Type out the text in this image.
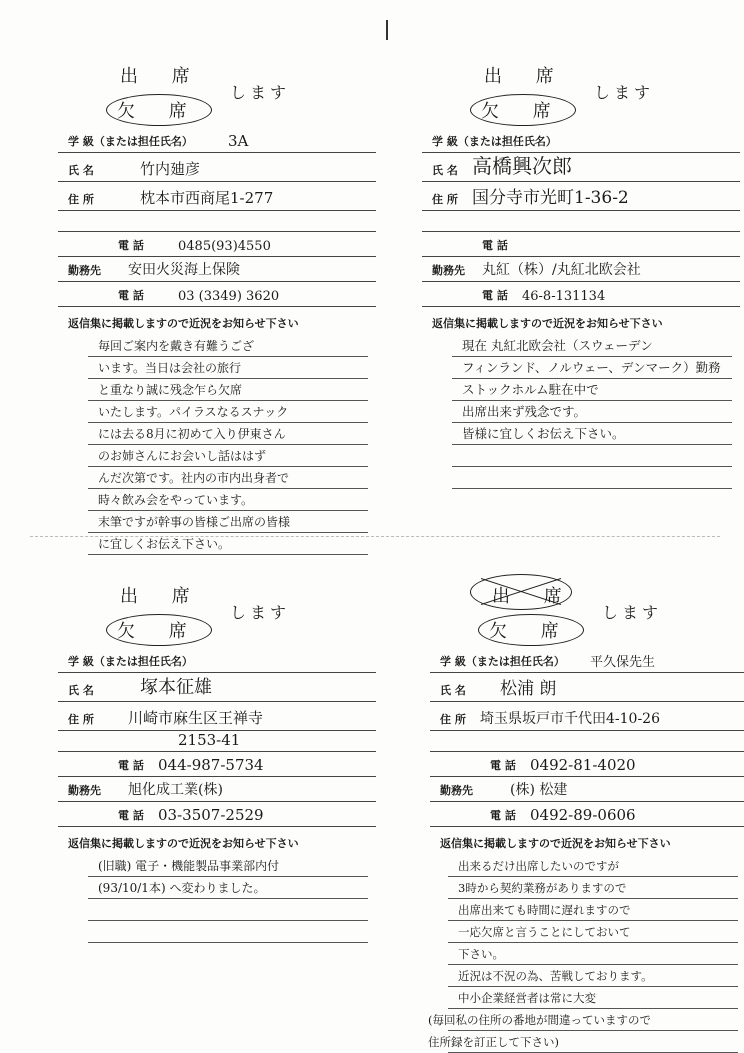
出 席
欠 席
します
学 級（または担任氏名） 3A
氏 名	竹内廸彦
住 所	枕本市西商尾1-277
電 話	0485(93)4550
勤務先 安田火災海上保険
電 話	03 (3349) 3620
返信集に掲載しますので近況をお知らせ下さい
毎回ご案内を戴き有難うござ
います。当日は会社の旅行
と重なり誠に残念乍ら欠席
いたします。パイラスなるスナック
には去る8月に初めて入り伊東さん
のお姉さんにお会いし話ははず
んだ次第です。社内の市内出身者で
時々飲み会をやっています。
末筆ですが幹事の皆様ご出席の皆様
に宜しくお伝え下さい。
出 席
欠 席
します
学 級（または担任氏名）
氏 名 高橋興次郎
住 所 国分寺市光町1-36-2
電 話
勤務先 丸紅（株）/丸紅北欧会社
電 話 46-8-131134
返信集に掲載しますので近況をお知らせ下さい
現在 丸紅北欧会社（スウェーデン
フィンランド、ノルウェー、デンマーク）勤務
ストックホルム駐在中で
出席出来ず残念です。
皆様に宜しくお伝え下さい。
出 席
欠 席
します
学 級（または担任氏名）
氏 名	塚本征雄
住 所 川崎市麻生区王禅寺
2153-41
電 話 044-987-5734
勤務先 旭化成工業(株)
電 話 03-3507-2529
返信集に掲載しますので近況をお知らせ下さい
(旧職) 電子・機能製品事業部内付
(93/10/1本) へ変わりました。
出 席
欠 席
します
学 級（または担任氏名） 平久保先生
氏 名 松浦 朗
住 所 埼玉県坂戸市千代田4-10-26
電 話 0492-81-4020
勤務先	(株) 松建
電 話 0492-89-0606
返信集に掲載しますので近況をお知らせ下さい
出来るだけ出席したいのですが
3時から契約業務がありますので
出席出来ても時間に遅れますので
一応欠席と言うことにしておいて
下さい。
近況は不況の為、苦戦しております。
中小企業経営者は常に大変
(毎回私の住所の番地が間違っていますので
住所録を訂正して下さい)
